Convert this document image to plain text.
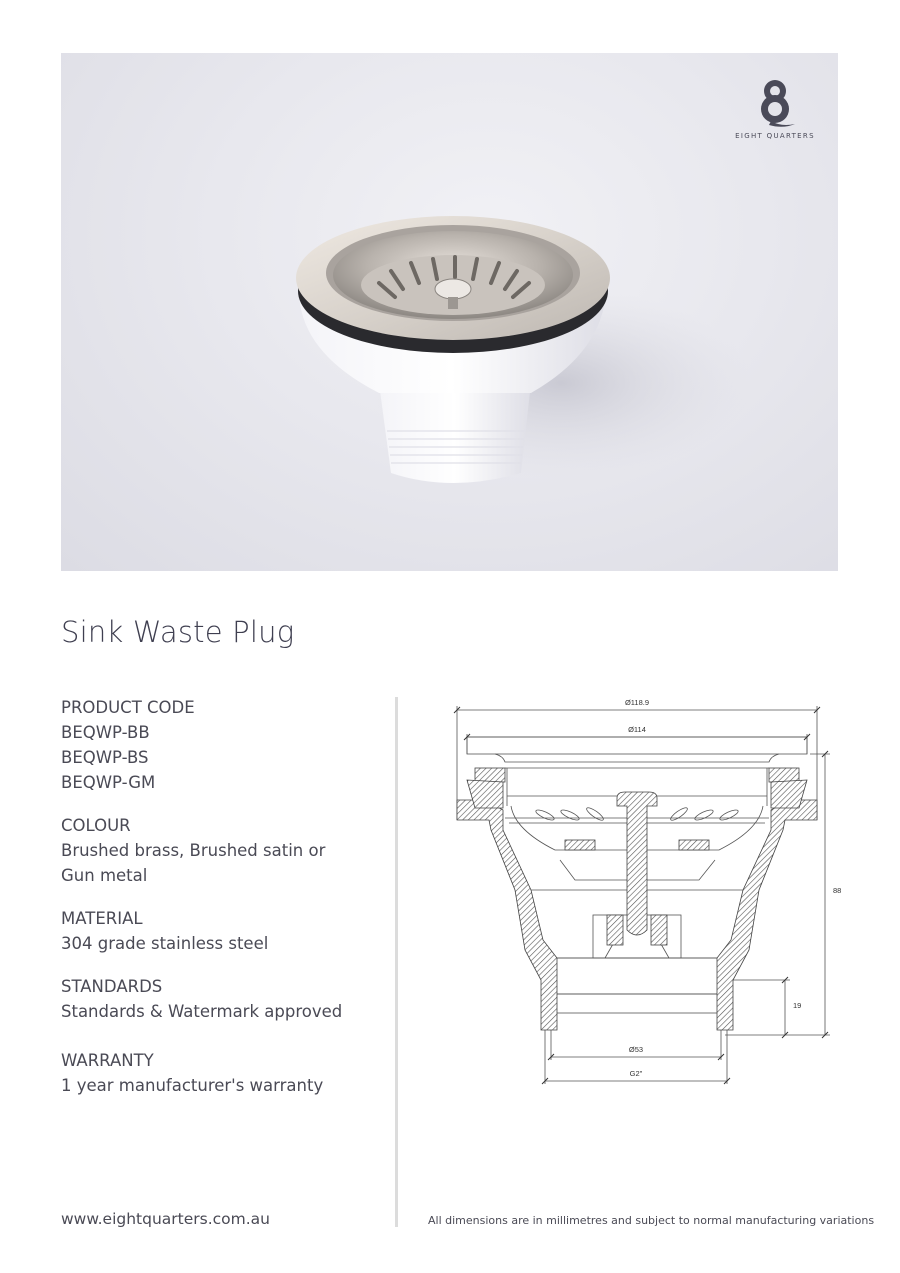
EIGHT QUARTERS
Sink Waste Plug
PRODUCT CODE
BEQWP-BB
BEQWP-BS
BEQWP-GM
COLOUR
Brushed brass, Brushed satin or Gun metal
MATERIAL
304 grade stainless steel
STANDARDS
Standards & Watermark approved
WARRANTY
1 year manufacturer's warranty
Ø118.9
Ø114
88
19
Ø53
G2"
www.eightquarters.com.au	All dimensions are in millimetres and subject to normal manufacturing variations
